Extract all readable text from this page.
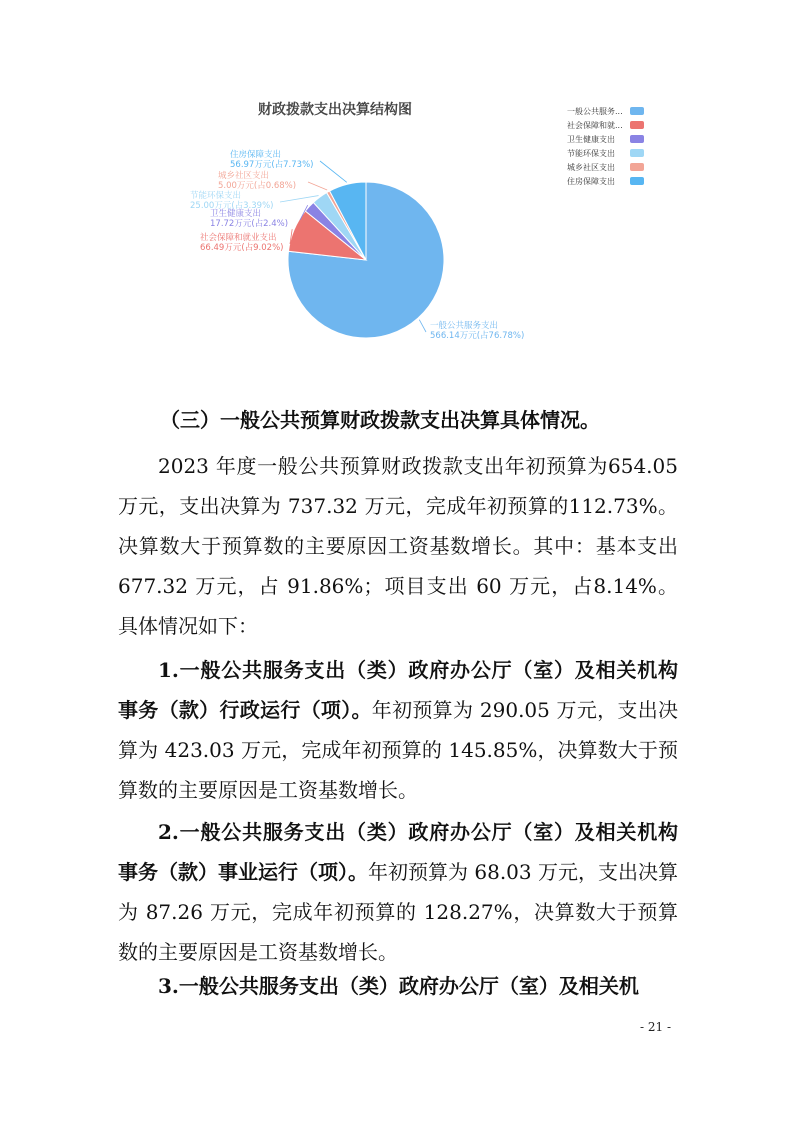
财政拨款支出决算结构图
一般公共服务支出
566.14万元(占76.78%)
社会保障和就业支出
66.49万元(占9.02%)
卫生健康支出
17.72万元(占2.4%)
节能环保支出
25.00万元(占3.39%)
城乡社区支出
5.00万元(占0.68%)
住房保障支出
56.97万元(占7.73%)
一般公共服务...
社会保障和就...
卫生健康支出
节能环保支出
城乡社区支出
住房保障支出
（三）一般公共预算财政拨款支出决算具体情况。
2023 年度一般公共预算财政拨款支出年初预算为654.05 万元，支出决算为 737.32 万元，完成年初预算的112.73%。决算数大于预算数的主要原因工资基数增长。其中：基本支出 677.32 万元，占 91.86%；项目支出 60 万元，占8.14%。具体情况如下：
1.一般公共服务支出（类）政府办公厅（室）及相关机构事务（款）行政运行（项）。年初预算为 290.05 万元，支出决算为 423.03 万元，完成年初预算的 145.85%，决算数大于预算数的主要原因是工资基数增长。
2.一般公共服务支出（类）政府办公厅（室）及相关机构事务（款）事业运行（项）。年初预算为 68.03 万元，支出决算为 87.26 万元，完成年初预算的 128.27%，决算数大于预算数的主要原因是工资基数增长。
3.一般公共服务支出（类）政府办公厅（室）及相关机
- 21 -
